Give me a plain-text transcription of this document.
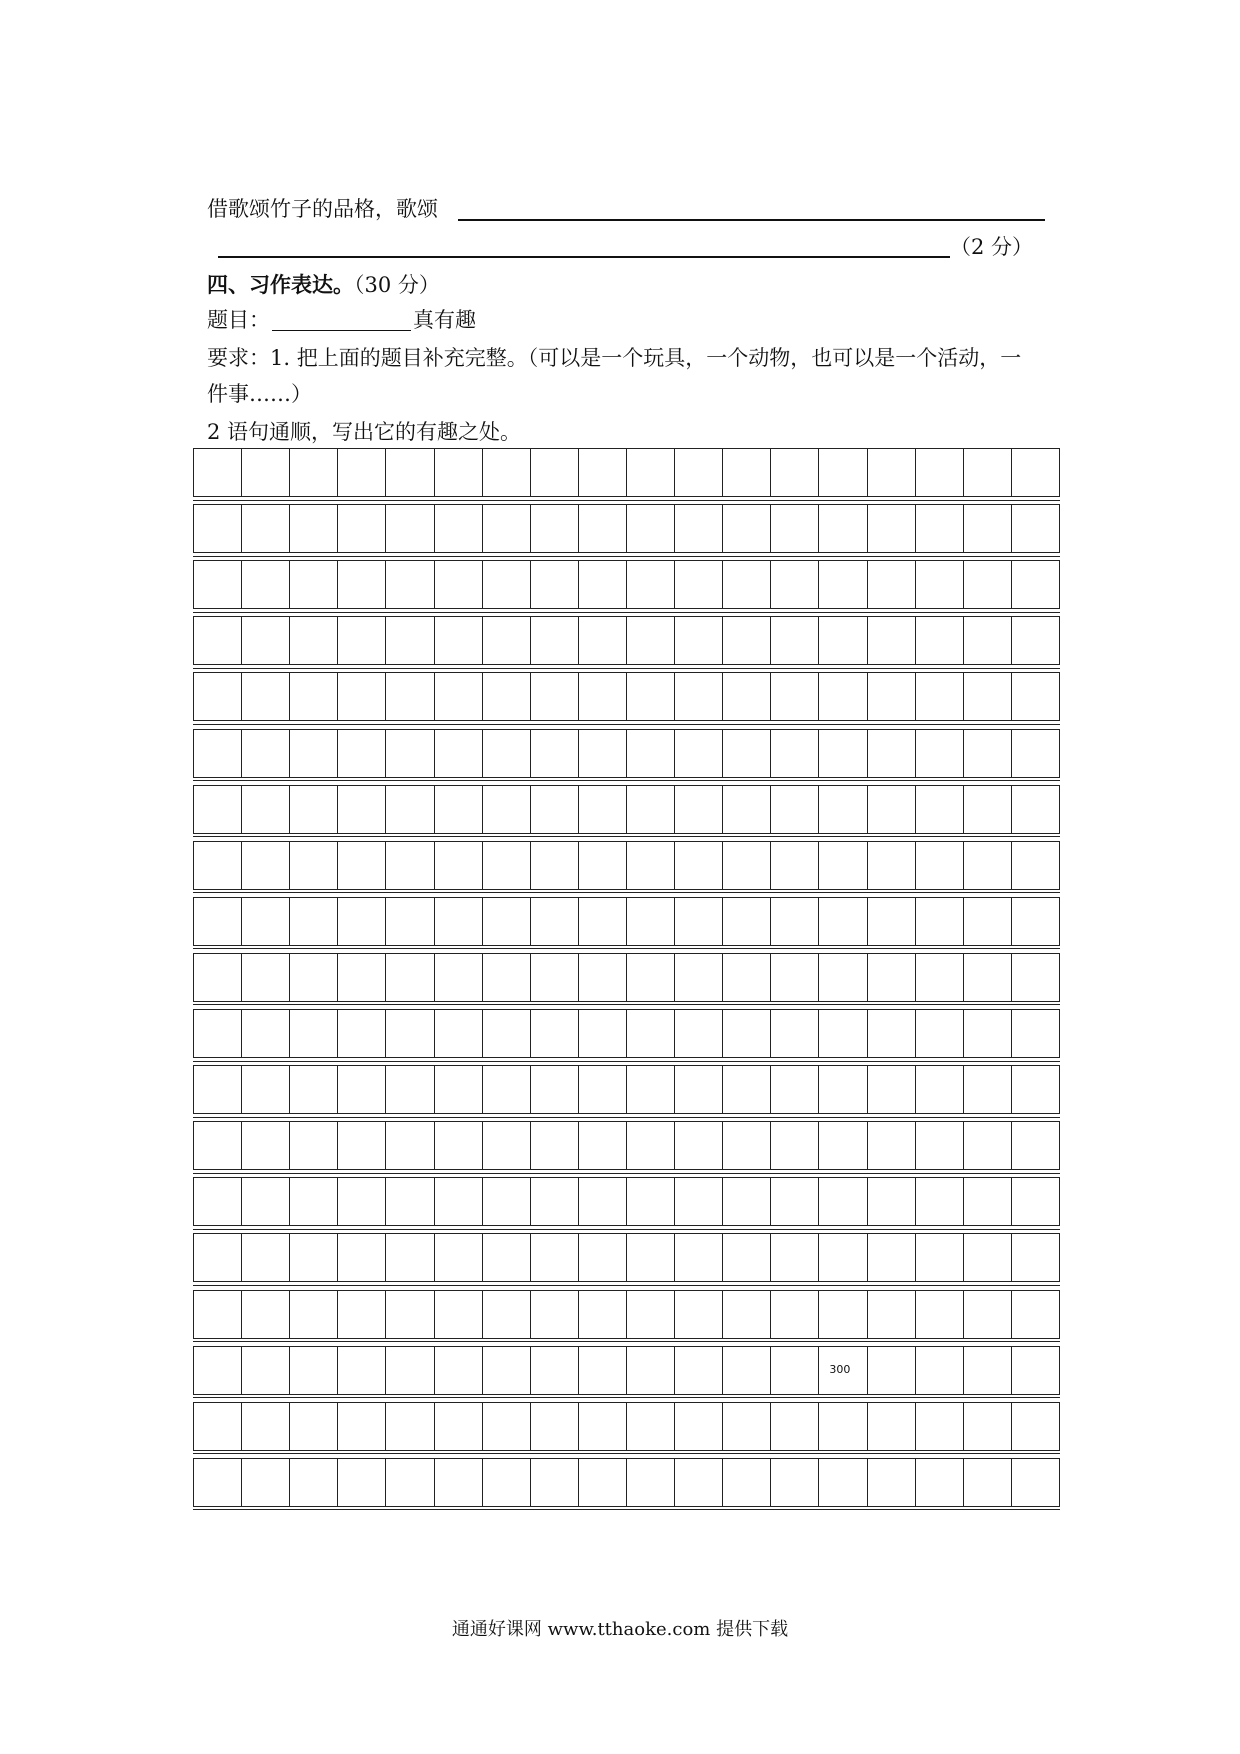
借歌颂竹子的品格，歌颂
（2 分）
四、习作表达。（30 分）
题目：	真有趣
要求：1. 把上面的题目补充完整。（可以是一个玩具，一个动物，也可以是一个活动，一
件事……）
2 语句通顺，写出它的有趣之处。
300
通通好课网 www.tthaoke.com 提供下载
